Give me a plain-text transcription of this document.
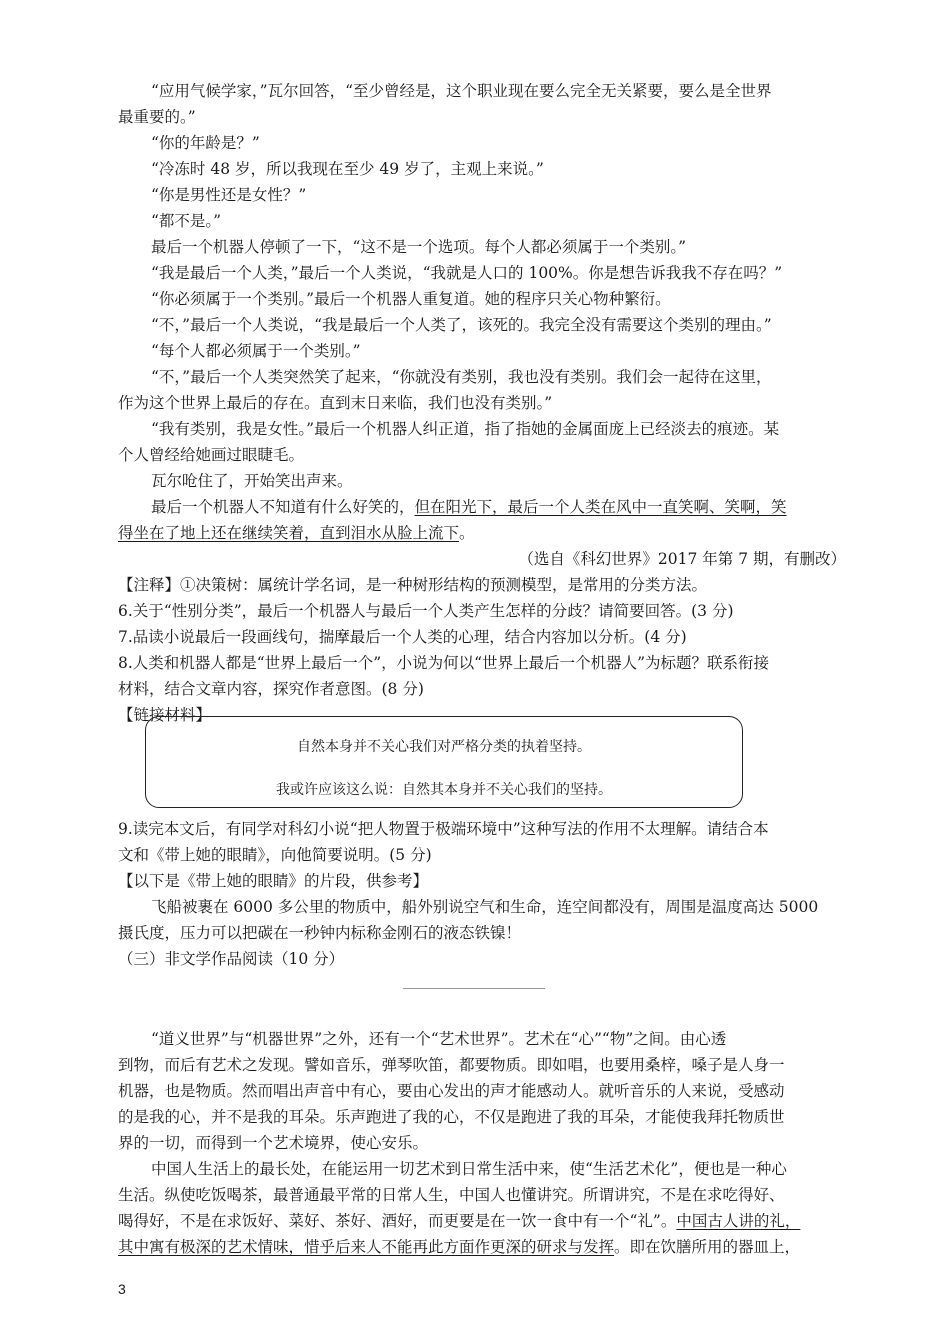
“应用气候学家，”瓦尔回答，“至少曾经是，这个职业现在要么完全无关紧要，要么是全世界
最重要的。”
“你的年龄是？”
“冷冻时 48 岁，所以我现在至少 49 岁了，主观上来说。”
“你是男性还是女性？”
“都不是。”
最后一个机器人停顿了一下，“这不是一个选项。每个人都必须属于一个类别。”
“我是最后一个人类，”最后一个人类说，“我就是人口的 100%。你是想告诉我我不存在吗？”
“你必须属于一个类别。”最后一个机器人重复道。她的程序只关心物种繁衍。
“不，”最后一个人类说，“我是最后一个人类了，该死的。我完全没有需要这个类别的理由。”
“每个人都必须属于一个类别。”
“不，”最后一个人类突然笑了起来，“你就没有类别，我也没有类别。我们会一起待在这里，
作为这个世界上最后的存在。直到末日来临，我们也没有类别。”
“我有类别，我是女性。”最后一个机器人纠正道，指了指她的金属面庞上已经淡去的痕迹。某
个人曾经给她画过眼睫毛。
瓦尔呛住了，开始笑出声来。
最后一个机器人不知道有什么好笑的，但在阳光下，最后一个人类在风中一直笑啊、笑啊，笑
得坐在了地上还在继续笑着，直到泪水从脸上流下。
（选自《科幻世界》2017 年第 7 期，有删改）
【注释】①决策树：属统计学名词，是一种树形结构的预测模型，是常用的分类方法。
6.关于“性别分类”，最后一个机器人与最后一个人类产生怎样的分歧？请简要回答。(3 分)
7.品读小说最后一段画线句，揣摩最后一个人类的心理，结合内容加以分析。(4 分)
8.人类和机器人都是“世界上最后一个”，小说为何以“世界上最后一个机器人”为标题？联系衔接
材料，结合文章内容，探究作者意图。(8 分)
【链接材料】
自然本身并不关心我们对严格分类的执着坚持。
我或许应该这么说：自然其本身并不关心我们的坚持。
9.读完本文后，有同学对科幻小说“把人物置于极端环境中”这种写法的作用不太理解。请结合本
文和《带上她的眼睛》，向他简要说明。(5 分)
【以下是《带上她的眼睛》的片段，供参考】
飞船被裹在 6000 多公里的物质中，船外别说空气和生命，连空间都没有，周围是温度高达 5000
摄氏度，压力可以把碳在一秒钟内标称金刚石的液态铁镍！
（三）非文学作品阅读（10 分）
“道义世界”与“机器世界”之外，还有一个“艺术世界”。艺术在“心”“物”之间。由心透
到物，而后有艺术之发现。譬如音乐，弹琴吹笛，都要物质。即如唱，也要用桑梓，嗓子是人身一
机器，也是物质。然而唱出声音中有心，要由心发出的声才能感动人。就听音乐的人来说，受感动
的是我的心，并不是我的耳朵。乐声跑进了我的心，不仅是跑进了我的耳朵，才能使我拜托物质世
界的一切，而得到一个艺术境界，使心安乐。
中国人生活上的最长处，在能运用一切艺术到日常生活中来，使“生活艺术化”，便也是一种心
生活。纵使吃饭喝茶，最普通最平常的日常人生，中国人也懂讲究。所谓讲究，不是在求吃得好、
喝得好，不是在求饭好、菜好、茶好、酒好，而更要是在一饮一食中有一个“礼”。中国古人讲的礼，
其中寓有极深的艺术情味，惜乎后来人不能再此方面作更深的研求与发挥。即在饮膳所用的器皿上，
3
